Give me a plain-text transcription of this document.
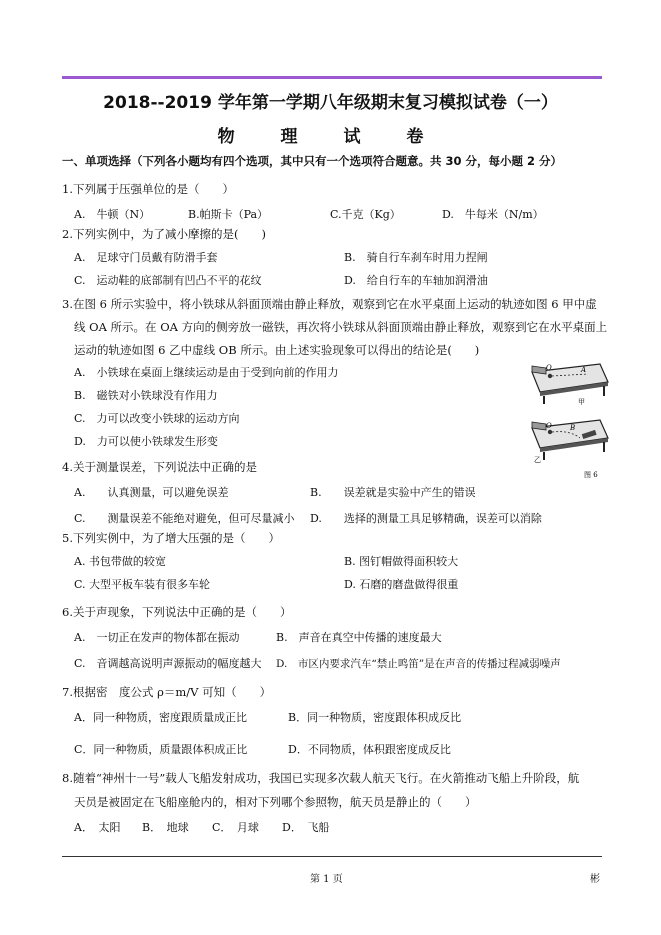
2018--2019 学年第一学期八年级期末复习模拟试卷（一）
物 理 试 卷
一、单项选择（下列各小题均有四个选项，其中只有一个选项符合题意。共 30 分，每小题 2 分）
1.下列属于压强单位的是（　　）
A.　牛顿（N）	B.帕斯卡（Pa）	C.千克（Kg）	D.　牛每米（N/m）
2.下列实例中，为了减小摩擦的是(　　)
A.　足球守门员戴有防滑手套	B.　骑自行车刹车时用力捏闸
C.　运动鞋的底部制有凹凸不平的花纹	D.　给自行车的车轴加润滑油
3.在图 6 所示实验中，将小铁球从斜面顶端由静止释放，观察到它在水平桌面上运动的轨迹如图 6 甲中虚
线 OA 所示。在 OA 方向的侧旁放一磁铁，再次将小铁球从斜面顶端由静止释放，观察到它在水平桌面上
运动的轨迹如图 6 乙中虚线 OB 所示。由上述实验现象可以得出的结论是(　　)
A.　小铁球在桌面上继续运动是由于受到向前的作用力
B.　磁铁对小铁球没有作用力
C.　力可以改变小铁球的运动方向
D.　力可以使小铁球发生形变
O	A
甲
O	B
乙
图 6
4.关于测量误差，下列说法中正确的是
A.　　认真测量，可以避免误差	B.　　误差就是实验中产生的错误
C.　　测量误差不能绝对避免，但可尽量减小 D.　　选择的测量工具足够精确，误差可以消除
5.下列实例中，为了增大压强的是（　　）
A. 书包带做的较宽	B. 图钉帽做得面积较大
C. 大型平板车装有很多车轮	D. 石磨的磨盘做得很重
6.关于声现象，下列说法中正确的是（　　）
A.　一切正在发声的物体都在振动	B.　声音在真空中传播的速度最大
C.　音调越高说明声源振动的幅度越大 D.　市区内要求汽车“禁止鸣笛”是在声音的传播过程减弱噪声
7.根据密　度公式 ρ＝m/V 可知（　　）
A．同一种物质，密度跟质量成正比	B．同一种物质，密度跟体积成反比
C．同一种物质，质量跟体积成正比	D．不同物质，体积跟密度成反比
8.随着“神州十一号”载人飞船发射成功，我国已实现多次载人航天飞行。在火箭推动飞船上升阶段，航
天员是被固定在飞船座舱内的，相对下列哪个参照物，航天员是静止的（　　）
A．　太阳 B．　地球 C．　月球 D．　飞船
第 1 页	彬
